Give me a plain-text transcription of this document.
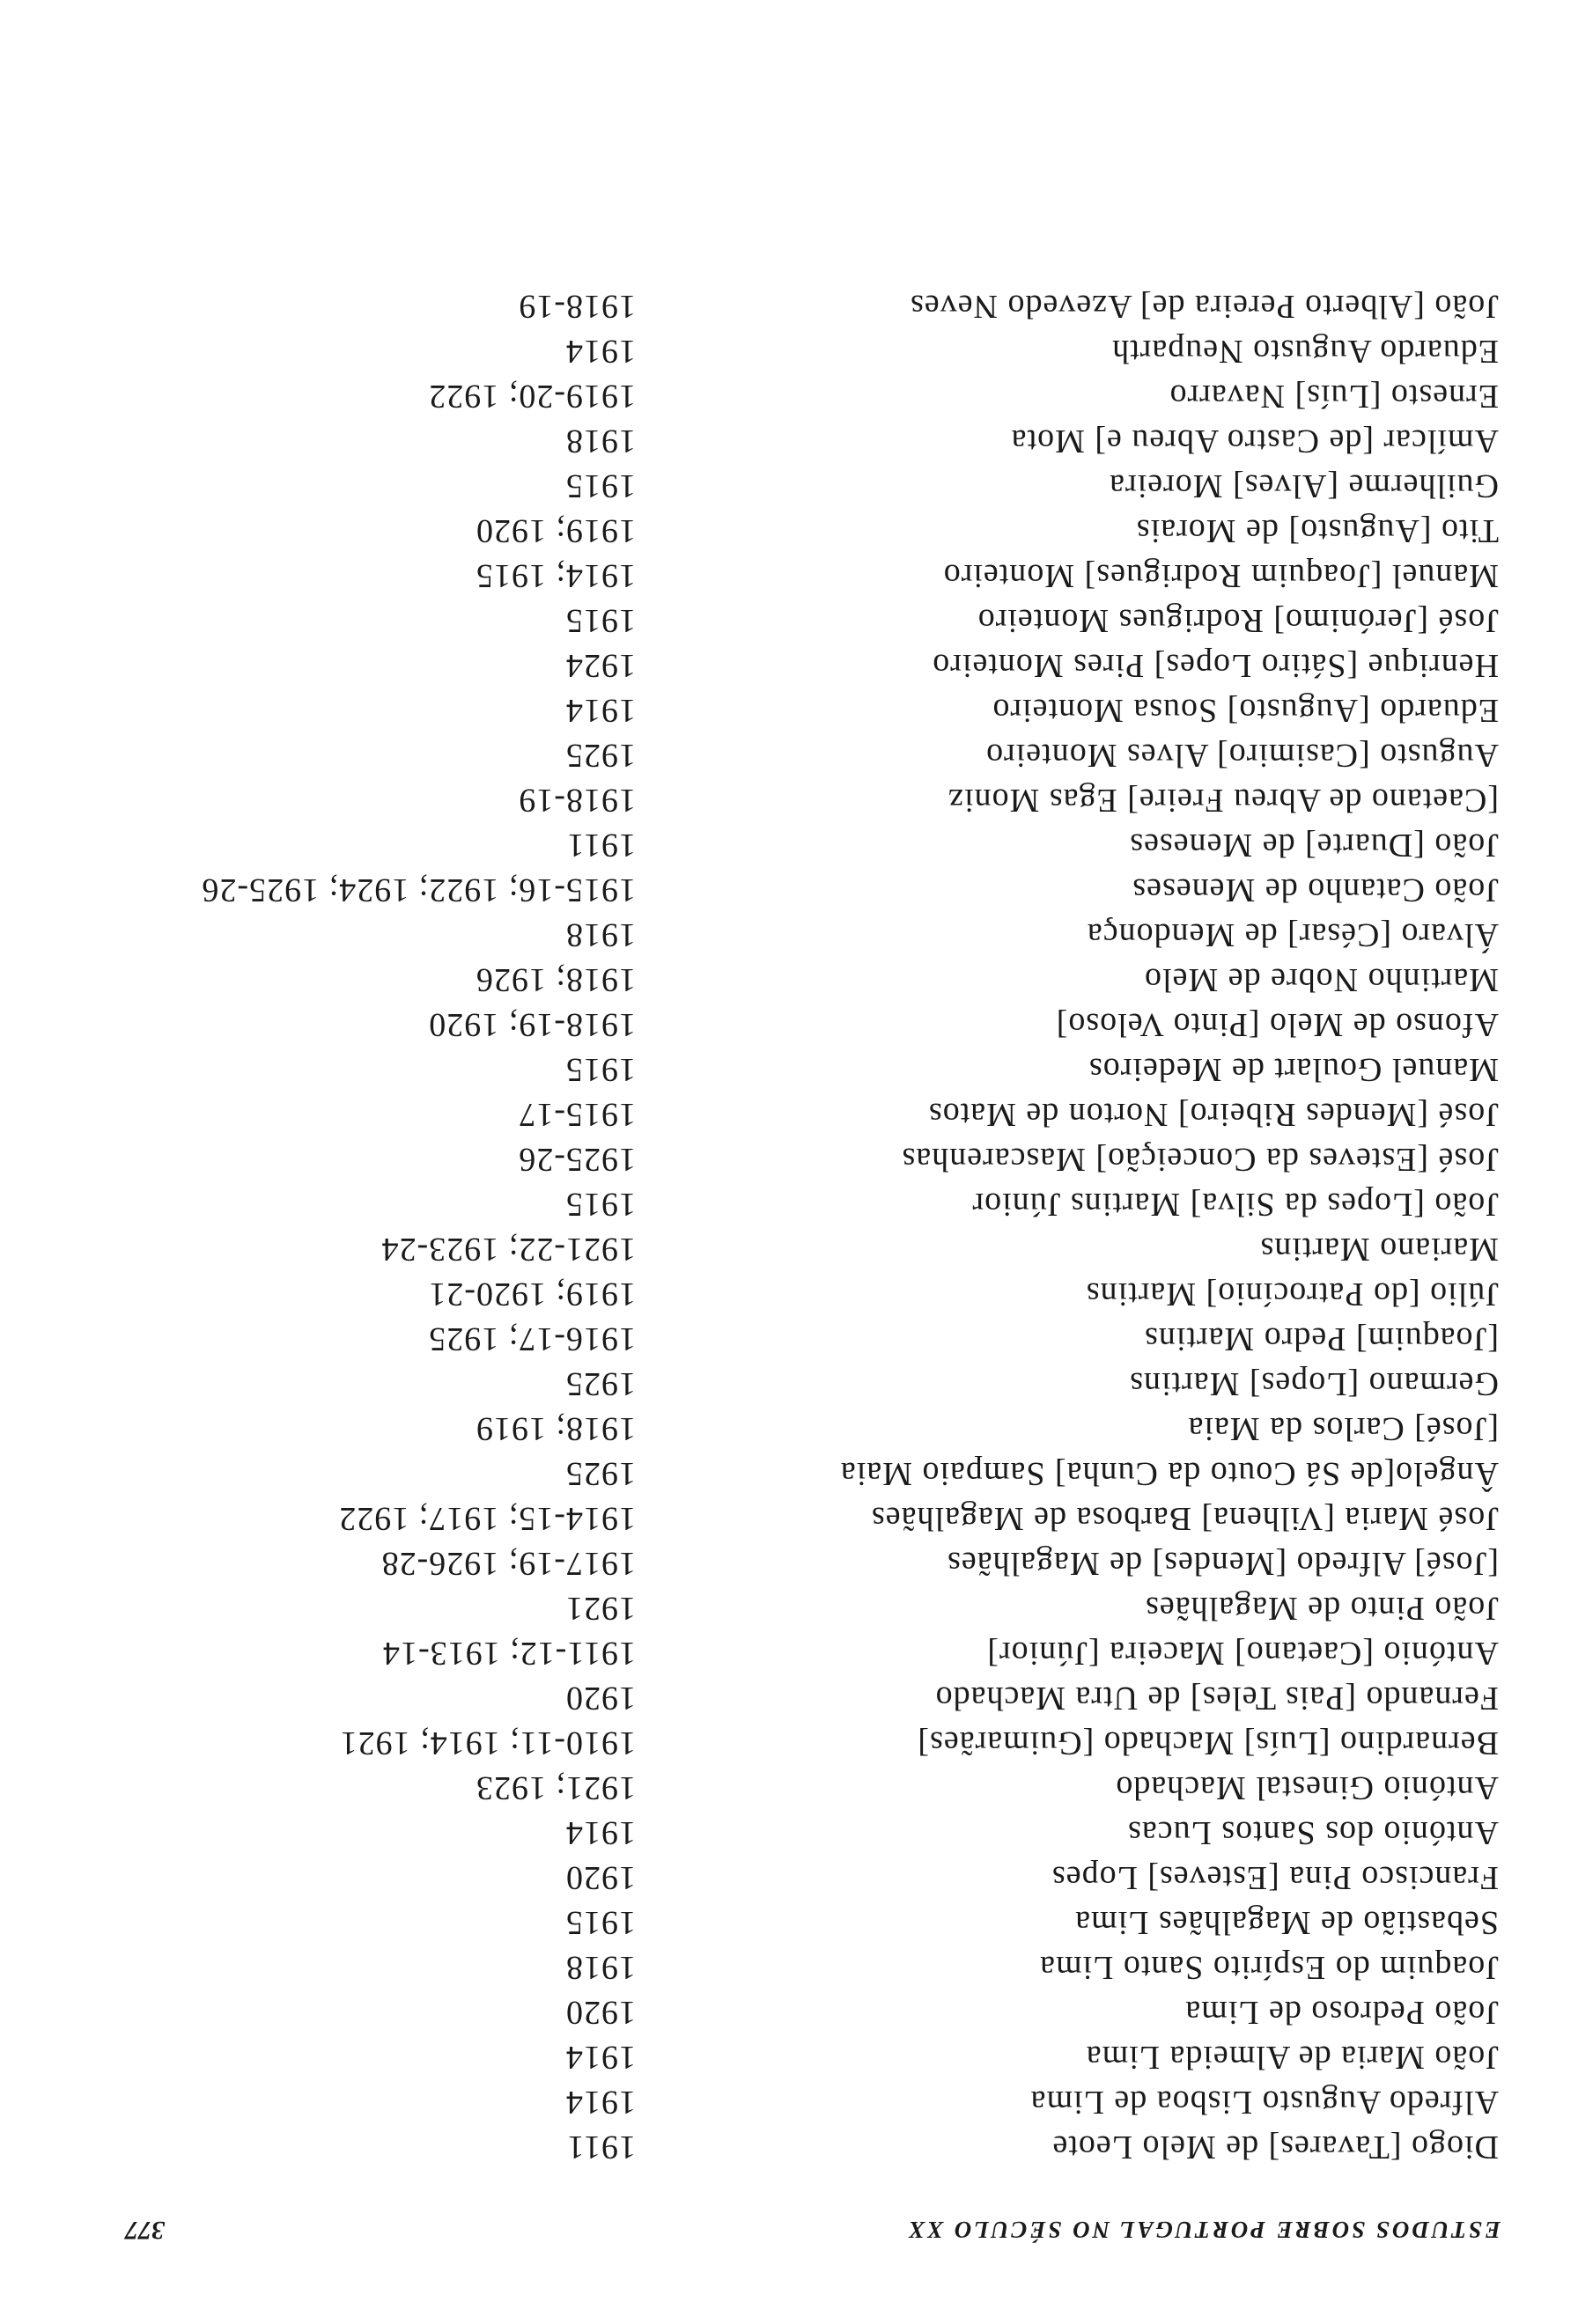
ESTUDOS SOBRE PORTUGAL NO SÉCULO XX
377
Diogo [Tavares] de Melo Leote
1911
Alfredo Augusto Lisboa de Lima
1914
João Maria de Almeida Lima
1914
João Pedroso de Lima
1920
Joaquim do Espírito Santo Lima
1918
Sebastião de Magalhães Lima
1915
Francisco Pina [Esteves] Lopes
1920
António dos Santos Lucas
1914
António Ginestal Machado
1921; 1923
Bernardino [Luís] Machado [Guimarães]
1910-11; 1914; 1921
Fernando [Pais Teles] de Utra Machado
1920
António [Caetano] Maceira [Júnior]
1911-12; 1913-14
João Pinto de Magalhães
1921
[José] Alfredo [Mendes] de Magalhães
1917-19; 1926-28
José Maria [Vilhena] Barbosa de Magalhães
1914-15; 1917; 1922
Ângelo[de Sá Couto da Cunha] Sampaio Maia
1925
[José] Carlos da Maia
1918; 1919
Germano [Lopes] Martins
1925
[Joaquim] Pedro Martins
1916-17; 1925
Júlio [do Patrocínio] Martins
1919; 1920-21
Mariano Martins
1921-22; 1923-24
João [Lopes da Silva] Martins Júnior
1915
José [Esteves da Conceição] Mascarenhas
1925-26
José [Mendes Ribeiro] Norton de Matos
1915-17
Manuel Goulart de Medeiros
1915
Afonso de Melo [Pinto Veloso]
1918-19; 1920
Martinho Nobre de Melo
1918; 1926
Álvaro [César] de Mendonça
1918
João Catanho de Meneses
1915-16; 1922; 1924; 1925-26
João [Duarte] de Meneses
1911
[Caetano de Abreu Freire] Egas Moniz
1918-19
Augusto [Casimiro] Alves Monteiro
1925
Eduardo [Augusto] Sousa Monteiro
1914
Henrique [Sátiro Lopes] Pires Monteiro
1924
José [Jerónimo] Rodrigues Monteiro
1915
Manuel [Joaquim Rodrigues] Monteiro
1914; 1915
Tito [Augusto] de Morais
1919; 1920
Guilherme [Alves] Moreira
1915
Amílcar [de Castro Abreu e] Mota
1918
Ernesto [Luís] Navarro
1919-20; 1922
Eduardo Augusto Neuparth
1914
João [Alberto Pereira de] Azevedo Neves
1918-19
